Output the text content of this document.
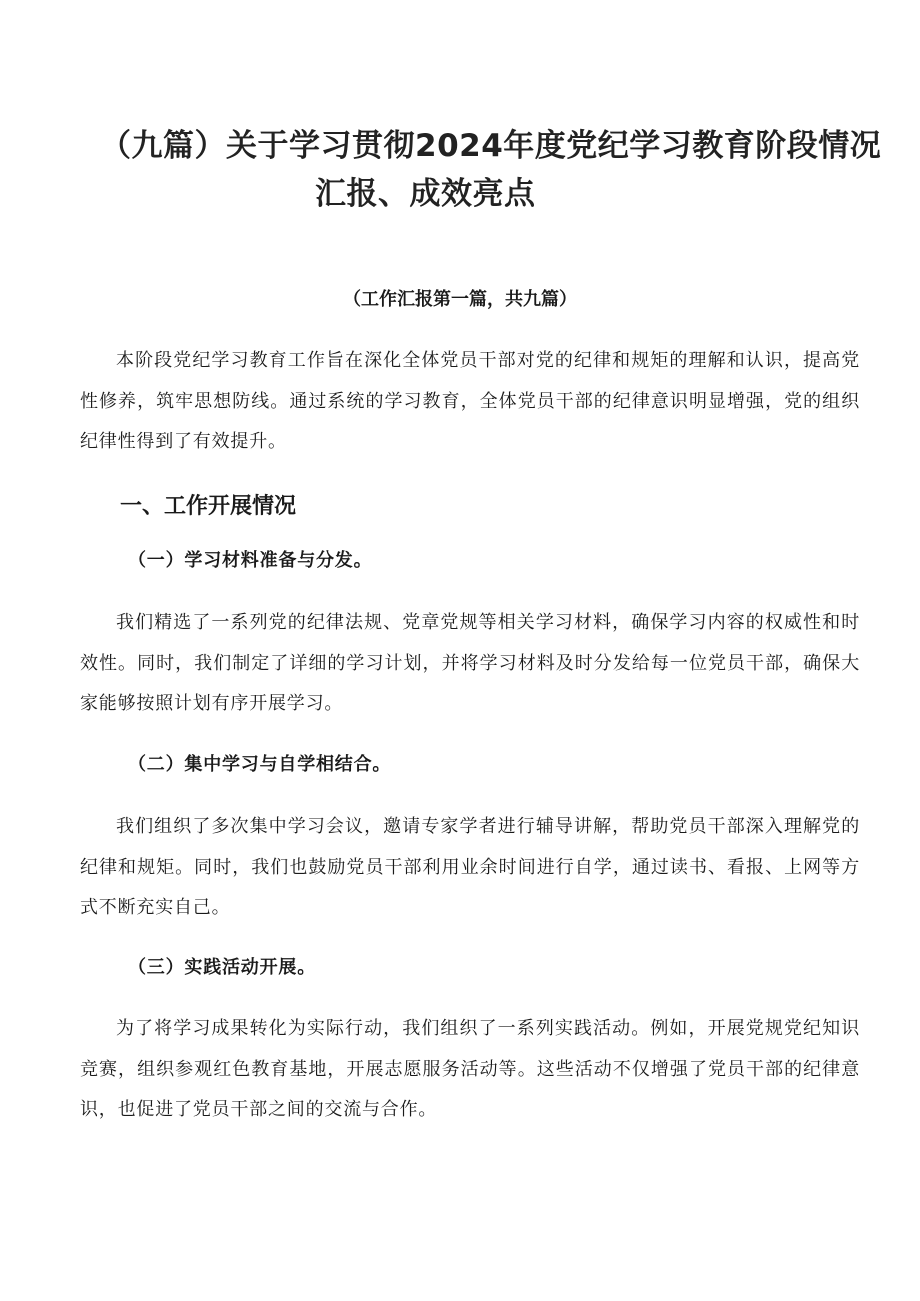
（九篇）关于学习贯彻2024年度党纪学习教育阶段情况
汇报、成效亮点

（工作汇报第一篇，共九篇）

本阶段党纪学习教育工作旨在深化全体党员干部对党的纪律和规矩的理解和认识，提高党性修养，筑牢思想防线。通过系统的学习教育，全体党员干部的纪律意识明显增强，党的组织纪律性得到了有效提升。

一、工作开展情况
（一）学习材料准备与分发。

我们精选了一系列党的纪律法规、党章党规等相关学习材料，确保学习内容的权威性和时效性。同时，我们制定了详细的学习计划，并将学习材料及时分发给每一位党员干部，确保大家能够按照计划有序开展学习。

（二）集中学习与自学相结合。

我们组织了多次集中学习会议，邀请专家学者进行辅导讲解，帮助党员干部深入理解党的纪律和规矩。同时，我们也鼓励党员干部利用业余时间进行自学，通过读书、看报、上网等方式不断充实自己。

（三）实践活动开展。

为了将学习成果转化为实际行动，我们组织了一系列实践活动。例如，开展党规党纪知识竞赛，组织参观红色教育基地，开展志愿服务活动等。这些活动不仅增强了党员干部的纪律意识，也促进了党员干部之间的交流与合作。
